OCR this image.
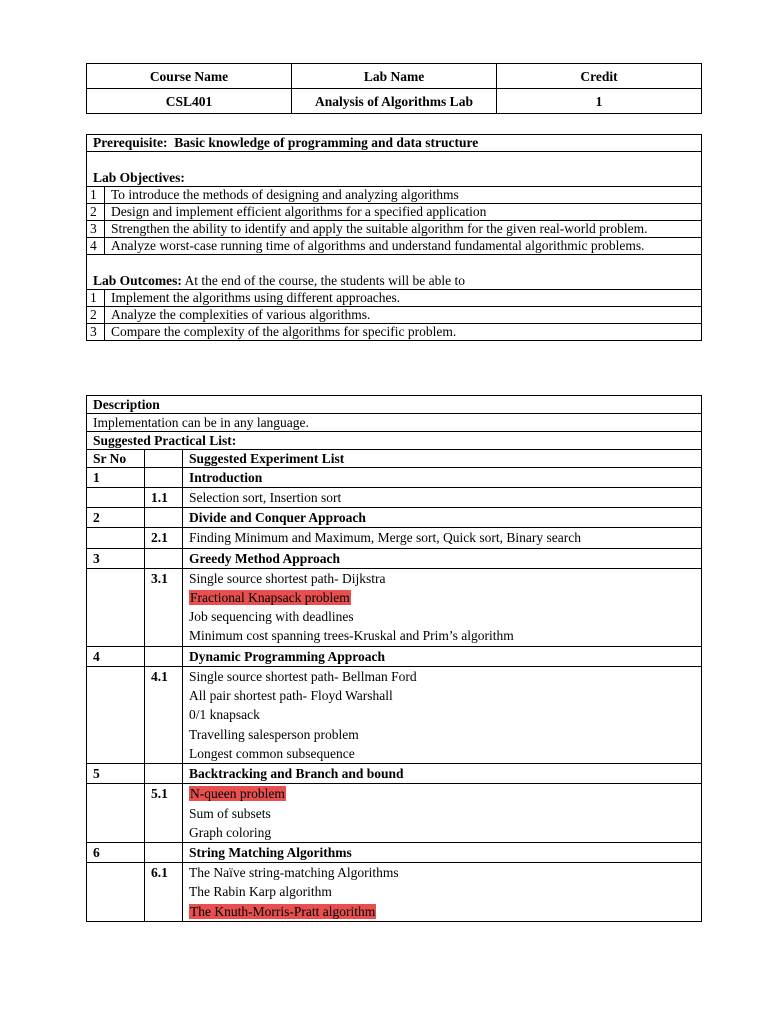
Course Name	Lab Name	Credit
CSL401	Analysis of Algorithms Lab	1
Prerequisite: Basic knowledge of programming and data structure	
Lab Objectives:	
1	To introduce the methods of designing and analyzing algorithms
2	Design and implement efficient algorithms for a specified application
3	Strengthen the ability to identify and apply the suitable algorithm for the given real-world problem.
4	Analyze worst-case running time of algorithms and understand fundamental algorithmic problems.
Lab Outcomes: At the end of the course, the students will be able to	
1	Implement the algorithms using different approaches.
2	Analyze the complexities of various algorithms.
3	Compare the complexity of the algorithms for specific problem.
Description		
Implementation can be in any language.		
Suggested Practical List:		
Sr No		Suggested Experiment List
1		Introduction
	1.1	Selection sort, Insertion sort

2		Divide and Conquer Approach
	2.1	Finding Minimum and Maximum, Merge sort, Quick sort, Binary search

3		Greedy Method Approach
	3.1	Single source shortest path- Dijkstra
Fractional Knapsack problem
Job sequencing with deadlines
Minimum cost spanning trees-Kruskal and Prim’s algorithm

4		Dynamic Programming Approach
	4.1	Single source shortest path- Bellman Ford
All pair shortest path- Floyd Warshall
0/1 knapsack
Travelling salesperson problem
Longest common subsequence

5		Backtracking and Branch and bound
	5.1	N-queen problem
Sum of subsets
Graph coloring

6		String Matching Algorithms
	6.1	The Naïve string-matching Algorithms
The Rabin Karp algorithm
The Knuth-Morris-Pratt algorithm
